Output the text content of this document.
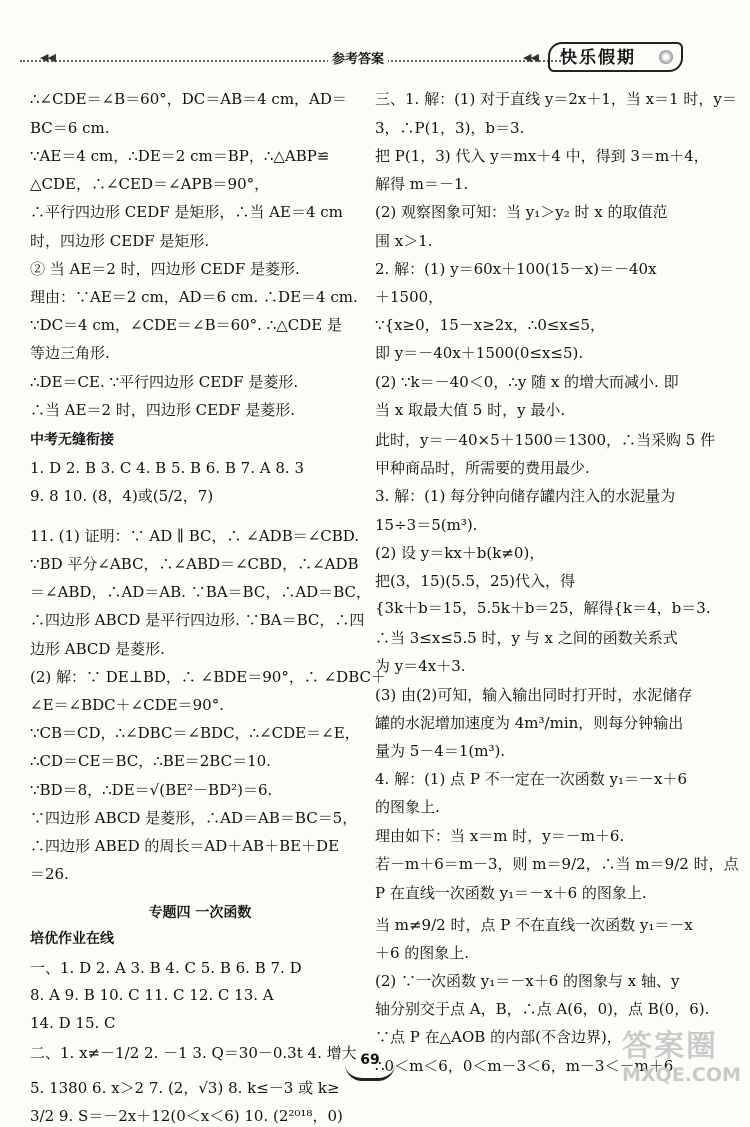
◀◀	参考答案	◀◀	快乐假期
∴∠CDE＝∠B＝60°，DC＝AB＝4 cm，AD＝
BC＝6 cm.
∵AE＝4 cm，∴DE＝2 cm＝BP，∴△ABP≌
△CDE，∴∠CED＝∠APB＝90°，
∴平行四边形 CEDF 是矩形，∴当 AE＝4 cm
时，四边形 CEDF 是矩形.
② 当 AE＝2 时，四边形 CEDF 是菱形.
理由：∵AE＝2 cm，AD＝6 cm. ∴DE＝4 cm.
∵DC＝4 cm，∠CDE＝∠B＝60°. ∴△CDE 是
等边三角形.
∴DE＝CE. ∵平行四边形 CEDF 是菱形.
∴当 AE＝2 时，四边形 CEDF 是菱形.
中考无缝衔接
1. D 2. B 3. C 4. B 5. B 6. B 7. A 8. 3
9. 8 10. (8，4)或(5/2，7)
11. (1) 证明：∵ AD ∥ BC，∴ ∠ADB＝∠CBD.
∵BD 平分∠ABC，∴∠ABD＝∠CBD，∴∠ADB
＝∠ABD，∴AD＝AB. ∵BA＝BC，∴AD＝BC，
∴四边形 ABCD 是平行四边形. ∵BA＝BC，∴四
边形 ABCD 是菱形.
(2) 解：∵ DE⊥BD，∴ ∠BDE＝90°，∴ ∠DBC＋
∠E＝∠BDC＋∠CDE＝90°.
∵CB＝CD，∴∠DBC＝∠BDC，∴∠CDE＝∠E，
∴CD＝CE＝BC，∴BE＝2BC＝10.
∵BD＝8，∴DE＝√(BE²－BD²)＝6.
∵四边形 ABCD 是菱形，∴AD＝AB＝BC＝5，
∴四边形 ABED 的周长＝AD＋AB＋BE＋DE
＝26.
专题四 一次函数
培优作业在线
一、1. D 2. A 3. B 4. C 5. B 6. B 7. D
8. A 9. B 10. C 11. C 12. C 13. A
14. D 15. C
二、1. x≠－1/2 2. －1 3. Q＝30－0.3t 4. 增大
5. 1380 6. x＞2 7. (2，√3) 8. k≤－3 或 k≥
3/2 9. S＝－2x＋12(0＜x＜6) 10. (2²⁰¹⁸，0)
三、1. 解：(1) 对于直线 y＝2x＋1，当 x＝1 时，y＝
3，∴P(1，3)，b＝3.
把 P(1，3) 代入 y＝mx＋4 中，得到 3＝m＋4，
解得 m＝－1.
(2) 观察图象可知：当 y₁＞y₂ 时 x 的取值范
围 x＞1.
2. 解：(1) y＝60x＋100(15－x)＝－40x
＋1500，
∵{x≥0，15－x≥2x，∴0≤x≤5，
即 y＝－40x＋1500(0≤x≤5).
(2) ∵k＝－40＜0，∴y 随 x 的增大而减小. 即
当 x 取最大值 5 时，y 最小.
此时，y＝－40×5＋1500＝1300，∴当采购 5 件
甲种商品时，所需要的费用最少.
3. 解：(1) 每分钟向储存罐内注入的水泥量为
15÷3＝5(m³).
(2) 设 y＝kx＋b(k≠0)，
把(3，15)(5.5，25)代入，得
{3k＋b＝15，5.5k＋b＝25，解得{k＝4，b＝3.
∴当 3≤x≤5.5 时，y 与 x 之间的函数关系式
为 y＝4x＋3.
(3) 由(2)可知，输入输出同时打开时，水泥储存
罐的水泥增加速度为 4m³/min，则每分钟输出
量为 5－4＝1(m³).
4. 解：(1) 点 P 不一定在一次函数 y₁＝－x＋6
的图象上.
理由如下：当 x＝m 时，y＝－m＋6.
若－m＋6＝m－3，则 m＝9/2，∴当 m＝9/2 时，点
P 在直线一次函数 y₁＝－x＋6 的图象上.
当 m≠9/2 时，点 P 不在直线一次函数 y₁＝－x
＋6 的图象上.
(2) ∵一次函数 y₁＝－x＋6 的图象与 x 轴、y
轴分别交于点 A，B，∴点 A(6，0)，点 B(0，6).
∵点 P 在△AOB 的内部(不含边界)，
∴0＜m＜6，0＜m－3＜6，m－3＜－m＋6，
69	答案圈
MXQE.COM
